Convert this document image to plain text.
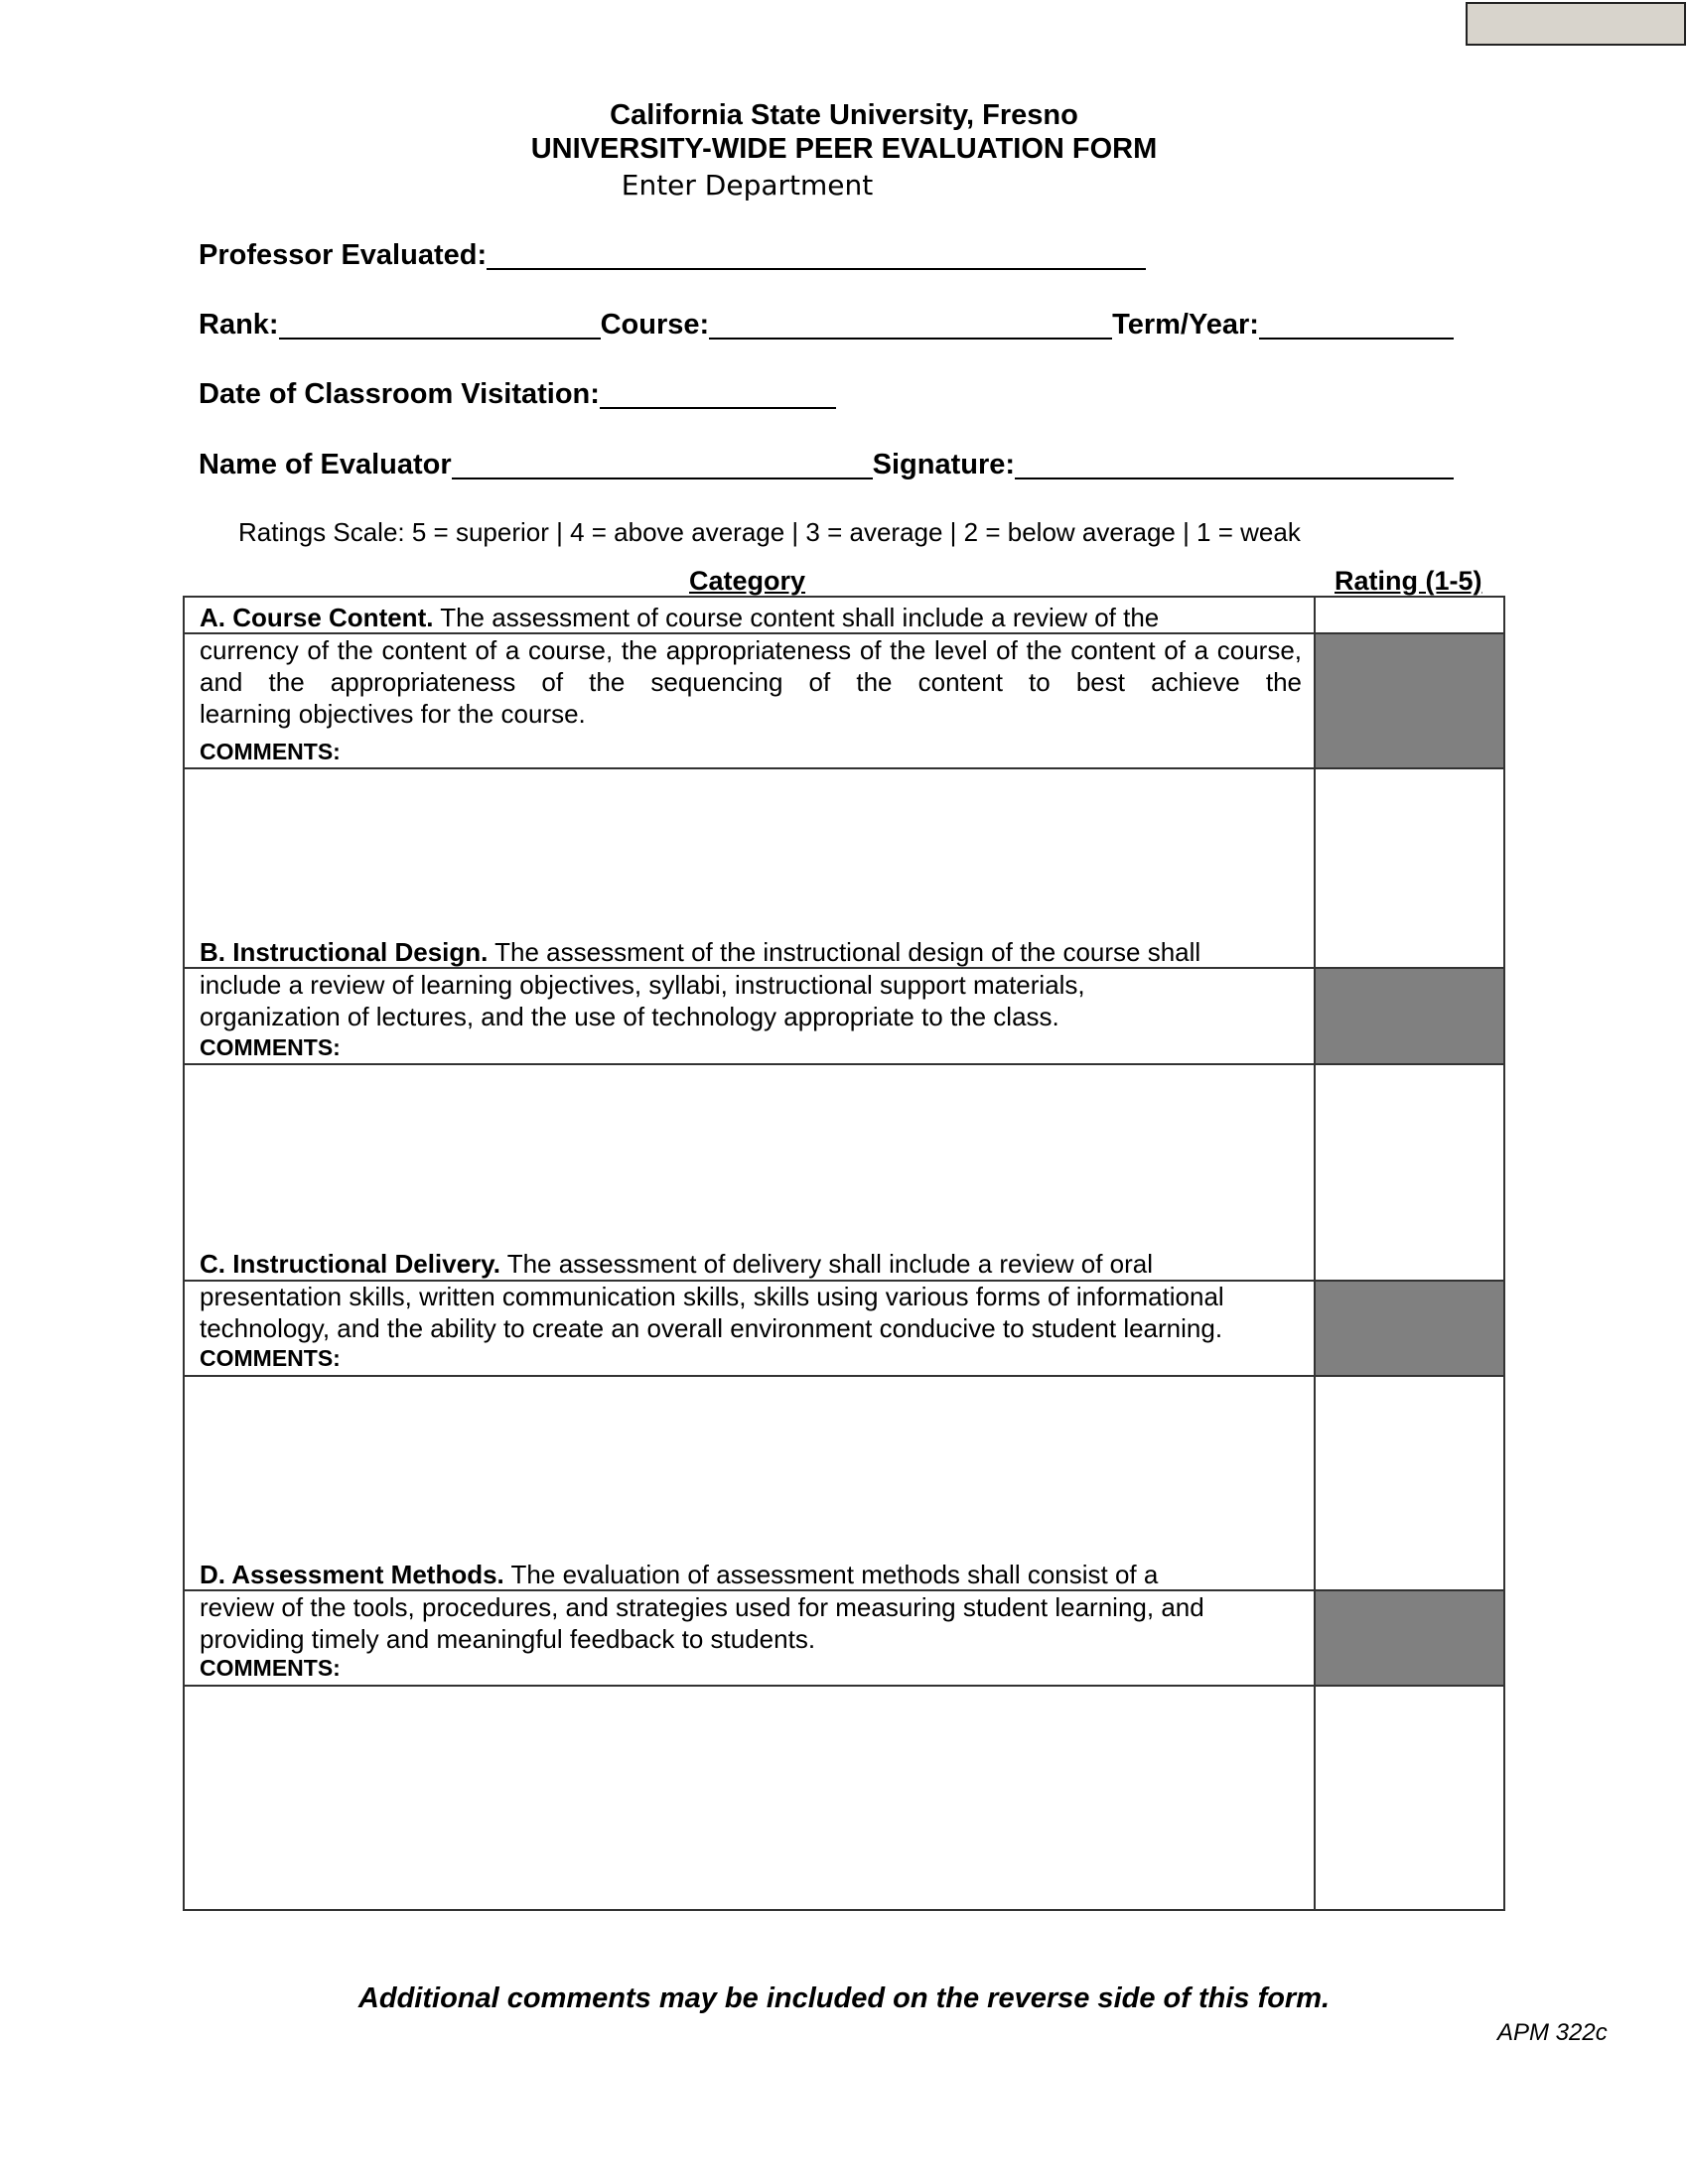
California State University, Fresno
UNIVERSITY-WIDE PEER EVALUATION FORM
Enter Department
Professor Evaluated:
Rank:	Course:	Term/Year:
Date of Classroom Visitation:
Name of Evaluator	Signature:
Ratings Scale: 5 = superior | 4 = above average | 3 = average | 2 = below average | 1 = weak
Category	Rating (1-5)
A. Course Content. The assessment of course content shall include a review of the
currency of the content of a course, the appropriateness of the level of the content of a course, and the appropriateness of the sequencing of the content to best achieve the
learning objectives for the course.
COMMENTS:
B. Instructional Design. The assessment of the instructional design of the course shall
include a review of learning objectives, syllabi, instructional support materials, organization of lectures, and the use of technology appropriate to the class.
COMMENTS:
C. Instructional Delivery. The assessment of delivery shall include a review of oral
presentation skills, written communication skills, skills using various forms of informational technology, and the ability to create an overall environment conducive to student learning.
COMMENTS:
D. Assessment Methods. The evaluation of assessment methods shall consist of a
review of the tools, procedures, and strategies used for measuring student learning, and providing timely and meaningful feedback to students.
COMMENTS:
Additional comments may be included on the reverse side of this form.
APM 322c
